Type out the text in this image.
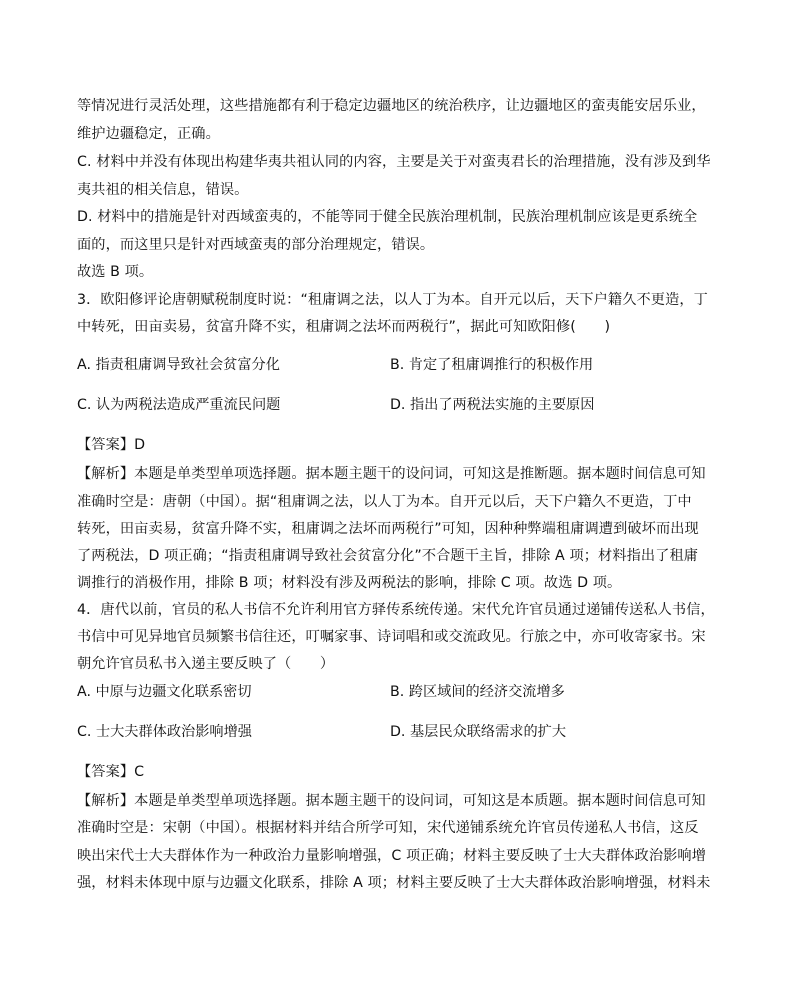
等情况进行灵活处理，这些措施都有利于稳定边疆地区的统治秩序，让边疆地区的蛮夷能安居乐业，
维护边疆稳定，正确。
C. 材料中并没有体现出构建华夷共祖认同的内容，主要是关于对蛮夷君长的治理措施，没有涉及到华
夷共祖的相关信息，错误。
D. 材料中的措施是针对西域蛮夷的，不能等同于健全民族治理机制，民族治理机制应该是更系统全
面的，而这里只是针对西域蛮夷的部分治理规定，错误。
故选 B 项。
3．欧阳修评论唐朝赋税制度时说：“租庸调之法，以人丁为本。自开元以后，天下户籍久不更造，丁
中转死，田亩卖易，贫富升降不实，租庸调之法坏而两税行”，据此可知欧阳修(　　)
A. 指责租庸调导致社会贫富分化	B. 肯定了租庸调推行的积极作用
C. 认为两税法造成严重流民问题	D. 指出了两税法实施的主要原因
【答案】D
【解析】本题是单类型单项选择题。据本题主题干的设问词，可知这是推断题。据本题时间信息可知
准确时空是：唐朝（中国）。据“租庸调之法，以人丁为本。自开元以后，天下户籍久不更造，丁中
转死，田亩卖易，贫富升降不实，租庸调之法坏而两税行”可知，因种种弊端租庸调遭到破坏而出现
了两税法，D 项正确；“指责租庸调导致社会贫富分化”不合题干主旨，排除 A 项；材料指出了租庸
调推行的消极作用，排除 B 项；材料没有涉及两税法的影响，排除 C 项。故选 D 项。
4．唐代以前，官员的私人书信不允许利用官方驿传系统传递。宋代允许官员通过递铺传送私人书信，
书信中可见异地官员频繁书信往还，叮嘱家事、诗词唱和或交流政见。行旅之中，亦可收寄家书。宋
朝允许官员私书入递主要反映了（　　）
A. 中原与边疆文化联系密切	B. 跨区域间的经济交流增多
C. 士大夫群体政治影响增强	D. 基层民众联络需求的扩大
【答案】C
【解析】本题是单类型单项选择题。据本题主题干的设问词，可知这是本质题。据本题时间信息可知
准确时空是：宋朝（中国）。根据材料并结合所学可知，宋代递铺系统允许官员传递私人书信，这反
映出宋代士大夫群体作为一种政治力量影响增强，C 项正确；材料主要反映了士大夫群体政治影响增
强，材料未体现中原与边疆文化联系，排除 A 项；材料主要反映了士大夫群体政治影响增强，材料未
